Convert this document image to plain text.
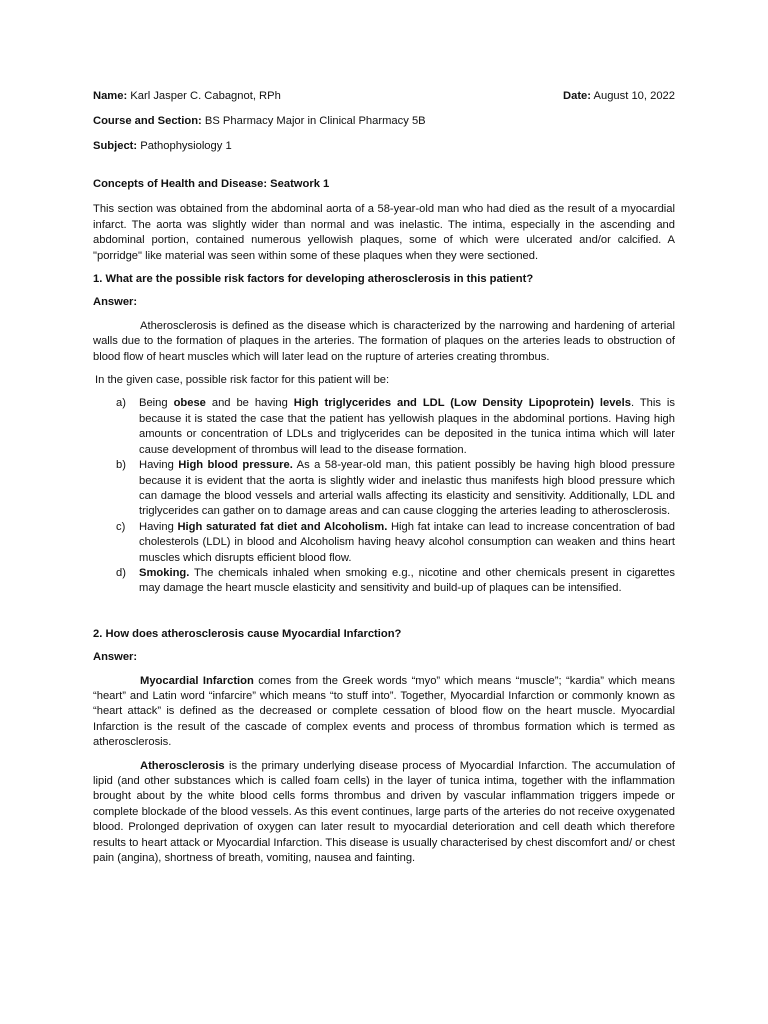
Name: Karl Jasper C. Cabagnot, RPh	Date: August 10, 2022
Course and Section: BS Pharmacy Major in Clinical Pharmacy 5B
Subject: Pathophysiology 1
Concepts of Health and Disease: Seatwork 1

This section was obtained from the abdominal aorta of a 58-year-old man who had died as the result of a myocardial infarct. The aorta was slightly wider than normal and was inelastic. The intima, especially in the ascending and abdominal portion, contained numerous yellowish plaques, some of which were ulcerated and/or calcified. A "porridge" like material was seen within some of these plaques when they were sectioned.

1. What are the possible risk factors for developing atherosclerosis in this patient?
Answer:

Atherosclerosis is defined as the disease which is characterized by the narrowing and hardening of arterial walls due to the formation of plaques in the arteries. The formation of plaques on the arteries leads to obstruction of blood flow of heart muscles which will later lead on the rupture of arteries creating thrombus.

In the given case, possible risk factor for this patient will be:
a) Being obese and be having High triglycerides and LDL (Low Density Lipoprotein) levels. This is because it is stated the case that the patient has yellowish plaques in the abdominal portions. Having high amounts or concentration of LDLs and triglycerides can be deposited in the tunica intima which will later cause development of thrombus will lead to the disease formation.
b) Having High blood pressure. As a 58-year-old man, this patient possibly be having high blood pressure because it is evident that the aorta is slightly wider and inelastic thus manifests high blood pressure which can damage the blood vessels and arterial walls affecting its elasticity and sensitivity. Additionally, LDL and triglycerides can gather on to damage areas and can cause clogging the arteries leading to atherosclerosis.
c) Having High saturated fat diet and Alcoholism. High fat intake can lead to increase concentration of bad cholesterols (LDL) in blood and Alcoholism having heavy alcohol consumption can weaken and thins heart muscles which disrupts efficient blood flow.
d) Smoking. The chemicals inhaled when smoking e.g., nicotine and other chemicals present in cigarettes may damage the heart muscle elasticity and sensitivity and build-up of plaques can be intensified.
2. How does atherosclerosis cause Myocardial Infarction?
Answer:

Myocardial Infarction comes from the Greek words “myo” which means “muscle”; “kardia” which means “heart” and Latin word “infarcire” which means “to stuff into”. Together, Myocardial Infarction or commonly known as “heart attack” is defined as the decreased or complete cessation of blood flow on the heart muscle. Myocardial Infarction is the result of the cascade of complex events and process of thrombus formation which is termed as atherosclerosis.

Atherosclerosis is the primary underlying disease process of Myocardial Infarction. The accumulation of lipid (and other substances which is called foam cells) in the layer of tunica intima, together with the inflammation brought about by the white blood cells forms thrombus and driven by vascular inflammation triggers impede or complete blockade of the blood vessels. As this event continues, large parts of the arteries do not receive oxygenated blood. Prolonged deprivation of oxygen can later result to myocardial deterioration and cell death which therefore results to heart attack or Myocardial Infarction. This disease is usually characterised by chest discomfort and/ or chest pain (angina), shortness of breath, vomiting, nausea and fainting.
